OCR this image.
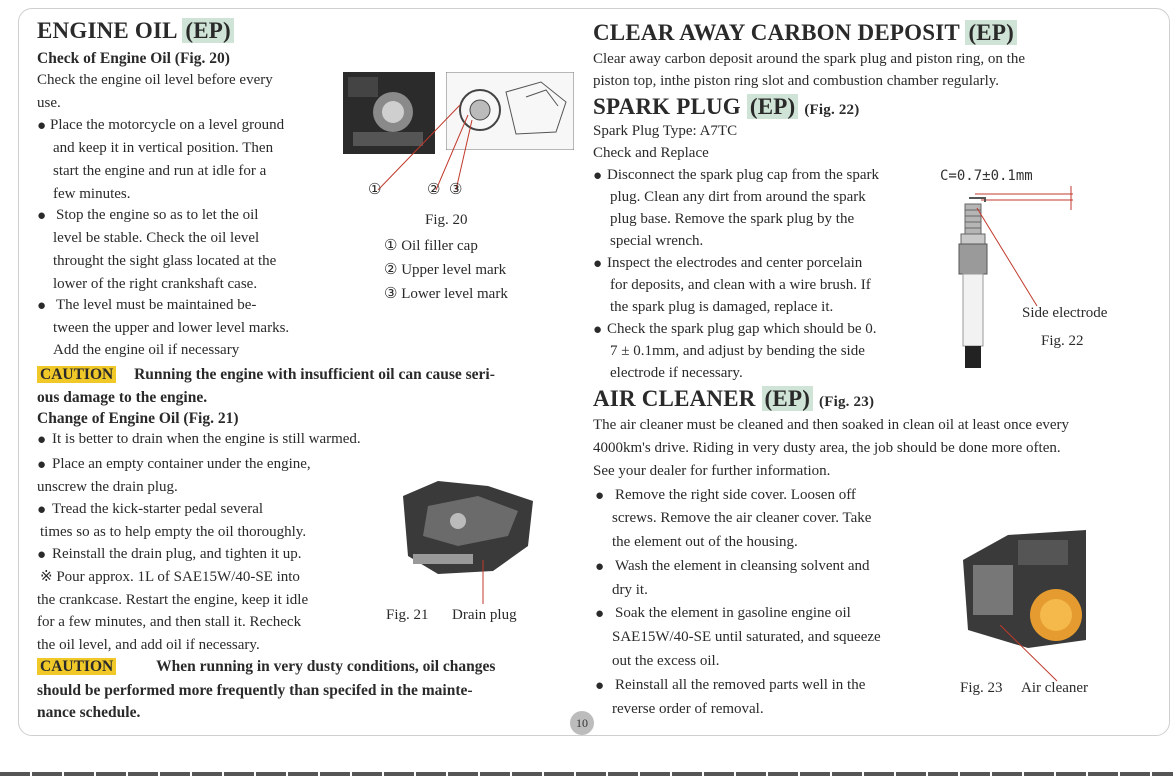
ENGINE OIL (EP)
Check of Engine Oil (Fig. 20)
Check the engine oil level before every
use.
● Place the motorcycle on a level ground
and keep it in vertical position. Then
start the engine and run at idle for a
few minutes.
● Stop the engine so as to let the oil
level be stable. Check the oil level
throught the sight glass located at the
lower of the right crankshaft case.
● The level must be maintained be-
tween the upper and lower level marks.
Add the engine oil if necessary
①	② ③
Fig. 20
① Oil filler cap
② Upper level mark
③ Lower level mark
CAUTION Running the engine with insufficient oil can cause seri-
ous damage to the engine.
Change of Engine Oil (Fig. 21)
● It is better to drain when the engine is still warmed.
● Place an empty container under the engine,
unscrew the drain plug.
● Tread the kick-starter pedal several
times so as to help empty the oil thoroughly.
● Reinstall the drain plug, and tighten it up.
※ Pour approx. 1L of SAE15W/40-SE into
the crankcase. Restart the engine, keep it idle
for a few minutes, and then stall it. Recheck
the oil level, and add oil if necessary.
Fig. 21 Drain plug
CAUTION	When running in very dusty conditions, oil changes
should be performed more frequently than specifed in the mainte-
nance schedule.
CLEAR AWAY CARBON DEPOSIT (EP)
Clear away carbon deposit around the spark plug and piston ring, on the
piston top, inthe piston ring slot and combustion chamber regularly.
SPARK PLUG (EP) (Fig. 22)
Spark Plug Type: A7TC
Check and Replace
● Disconnect the spark plug cap from the spark
plug. Clean any dirt from around the spark
plug base. Remove the spark plug by the
special wrench.
● Inspect the electrodes and center porcelain
for deposits, and clean with a wire brush. If
the spark plug is damaged, replace it.
● Check the spark plug gap which should be 0.
7 ± 0.1mm, and adjust by bending the side
electrode if necessary.
C=0.7±0.1mm
Side electrode
Fig. 22
AIR CLEANER (EP) (Fig. 23)
The air cleaner must be cleaned and then soaked in clean oil at least once every
4000km's drive. Riding in very dusty area, the job should be done more often.
See your dealer for further information.
● Remove the right side cover. Loosen off
screws. Remove the air cleaner cover. Take
the element out of the housing.
● Wash the element in cleansing solvent and
dry it.
● Soak the element in gasoline engine oil
SAE15W/40-SE until saturated, and squeeze
out the excess oil.
● Reinstall all the removed parts well in the
reverse order of removal.
Fig. 23 Air cleaner
10
